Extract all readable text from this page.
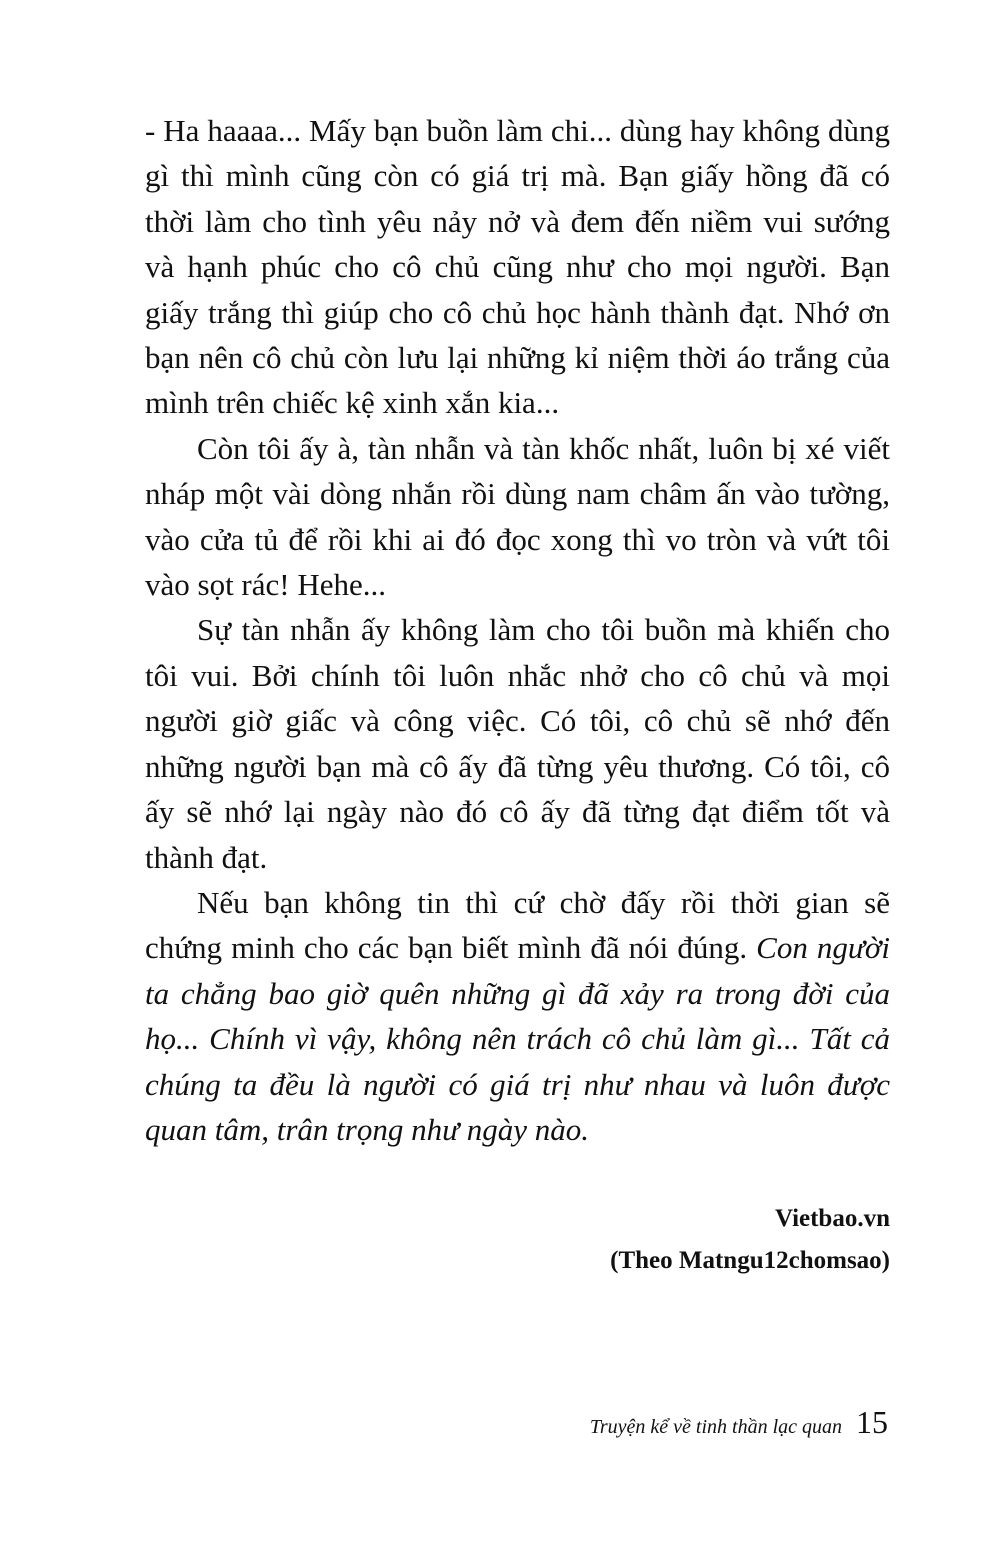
- Ha haaaa... Mấy bạn buồn làm chi... dùng hay không dùng gì thì mình cũng còn có giá trị mà. Bạn giấy hồng đã có thời làm cho tình yêu nảy nở và đem đến niềm vui sướng và hạnh phúc cho cô chủ cũng như cho mọi người. Bạn giấy trắng thì giúp cho cô chủ học hành thành đạt. Nhớ ơn bạn nên cô chủ còn lưu lại những kỉ niệm thời áo trắng của mình trên chiếc kệ xinh xắn kia...

Còn tôi ấy à, tàn nhẫn và tàn khốc nhất, luôn bị xé viết nháp một vài dòng nhắn rồi dùng nam châm ấn vào tường, vào cửa tủ để rồi khi ai đó đọc xong thì vo tròn và vứt tôi vào sọt rác! Hehe...

Sự tàn nhẫn ấy không làm cho tôi buồn mà khiến cho tôi vui. Bởi chính tôi luôn nhắc nhở cho cô chủ và mọi người giờ giấc và công việc. Có tôi, cô chủ sẽ nhớ đến những người bạn mà cô ấy đã từng yêu thương. Có tôi, cô ấy sẽ nhớ lại ngày nào đó cô ấy đã từng đạt điểm tốt và thành đạt.

Nếu bạn không tin thì cứ chờ đấy rồi thời gian sẽ chứng minh cho các bạn biết mình đã nói đúng. Con người ta chẳng bao giờ quên những gì đã xảy ra trong đời của họ... Chính vì vậy, không nên trách cô chủ làm gì... Tất cả chúng ta đều là người có giá trị như nhau và luôn được quan tâm, trân trọng như ngày nào.

Vietbao.vn
(Theo Matngu12chomsao)
Truyện kể về tinh thần lạc quan 15
